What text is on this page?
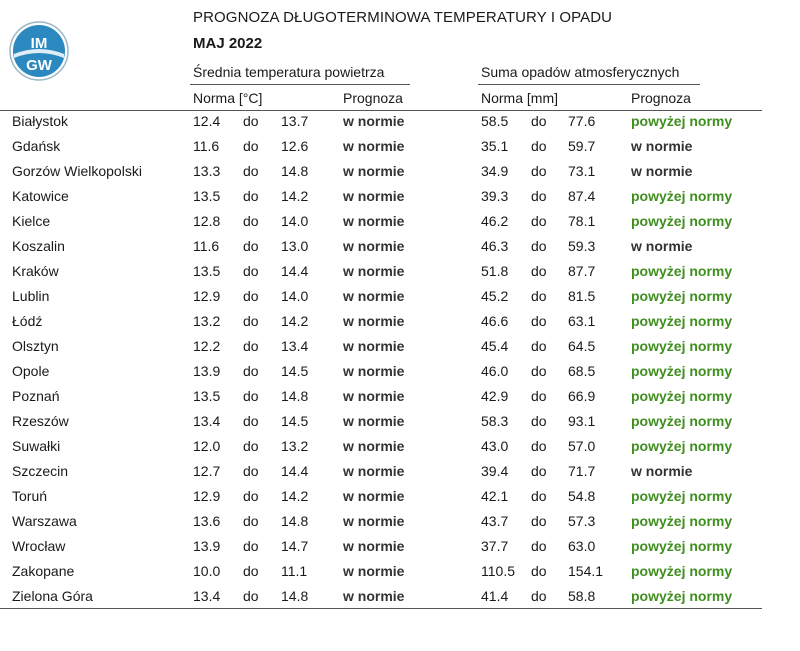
IM
GW
PROGNOZA DŁUGOTERMINOWA TEMPERATURY I OPADU
MAJ 2022
Średnia temperatura powietrza	Suma opadów atmosferycznych
Norma [°C]	Prognoza	Norma [mm]	Prognoza
Białystok	12.4 do 13.7 w normie	58.5 do 77.6	powyżej normy
Gdańsk	11.6 do 12.6 w normie	35.1 do 59.7	w normie
Gorzów Wielkopolski	13.3 do 14.8 w normie	34.9 do 73.1	w normie
Katowice	13.5 do 14.2 w normie	39.3 do 87.4	powyżej normy
Kielce	12.8 do 14.0 w normie	46.2 do 78.1	powyżej normy
Koszalin	11.6 do 13.0 w normie	46.3 do 59.3	w normie
Kraków	13.5 do 14.4 w normie	51.8 do 87.7	powyżej normy
Lublin	12.9 do 14.0 w normie	45.2 do 81.5	powyżej normy
Łódź	13.2 do 14.2 w normie	46.6 do 63.1	powyżej normy
Olsztyn	12.2 do 13.4 w normie	45.4 do 64.5	powyżej normy
Opole	13.9 do 14.5 w normie	46.0 do 68.5	powyżej normy
Poznań	13.5 do 14.8 w normie	42.9 do 66.9	powyżej normy
Rzeszów	13.4 do 14.5 w normie	58.3 do 93.1	powyżej normy
Suwałki	12.0 do 13.2 w normie	43.0 do 57.0	powyżej normy
Szczecin	12.7 do 14.4 w normie	39.4 do 71.7	w normie
Toruń	12.9 do 14.2 w normie	42.1 do 54.8	powyżej normy
Warszawa	13.6 do 14.8 w normie	43.7 do 57.3	powyżej normy
Wrocław	13.9 do 14.7 w normie	37.7 do 63.0	powyżej normy
Zakopane	10.0 do 11.1	w normie	110.5 do 154.1 powyżej normy
Zielona Góra	13.4 do 14.8 w normie	41.4 do 58.8	powyżej normy
